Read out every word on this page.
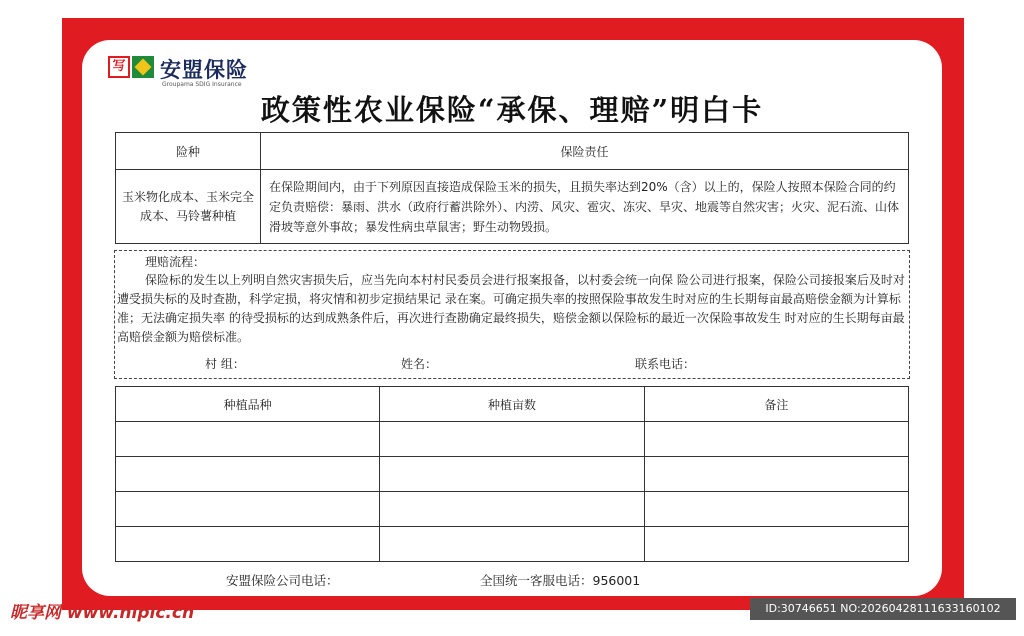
写 安盟保险
Groupama SDIG Insurance
政策性农业保险“承保、理赔”明白卡
险种	保险责任
玉米物化成本、玉米完全成本、马铃薯种植	在保险期间内，由于下列原因直接造成保险玉米的损失，且损失率达到20%（含）以上的，保险人按照本保险合同的约定负责赔偿：暴雨、洪水（政府行蓄洪除外）、内涝、风灾、雹灾、冻灾、旱灾、地震等自然灾害；火灾、泥石流、山体滑坡等意外事故；暴发性病虫草鼠害；野生动物毁损。
理赔流程：
保险标的发生以上列明自然灾害损失后，应当先向本村村民委员会进行报案报备，以村委会统一向保 险公司进行报案，保险公司接报案后及时对遭受损失标的及时查勘，科学定损，将灾情和初步定损结果记 录在案。可确定损失率的按照保险事故发生时对应的生长期每亩最高赔偿金额为计算标准；无法确定损失率 的待受损标的达到成熟条件后，再次进行查勘确定最终损失，赔偿金额以保险标的最近一次保险事故发生 时对应的生长期每亩最高赔偿金额为赔偿标准。
村 组：	姓名：	联系电话：
种植品种	种植亩数	备注

安盟保险公司电话：	全国统一客服电话：956001
昵享网 www.nipic.cn	ID:30746651 NO:20260428111633160102
